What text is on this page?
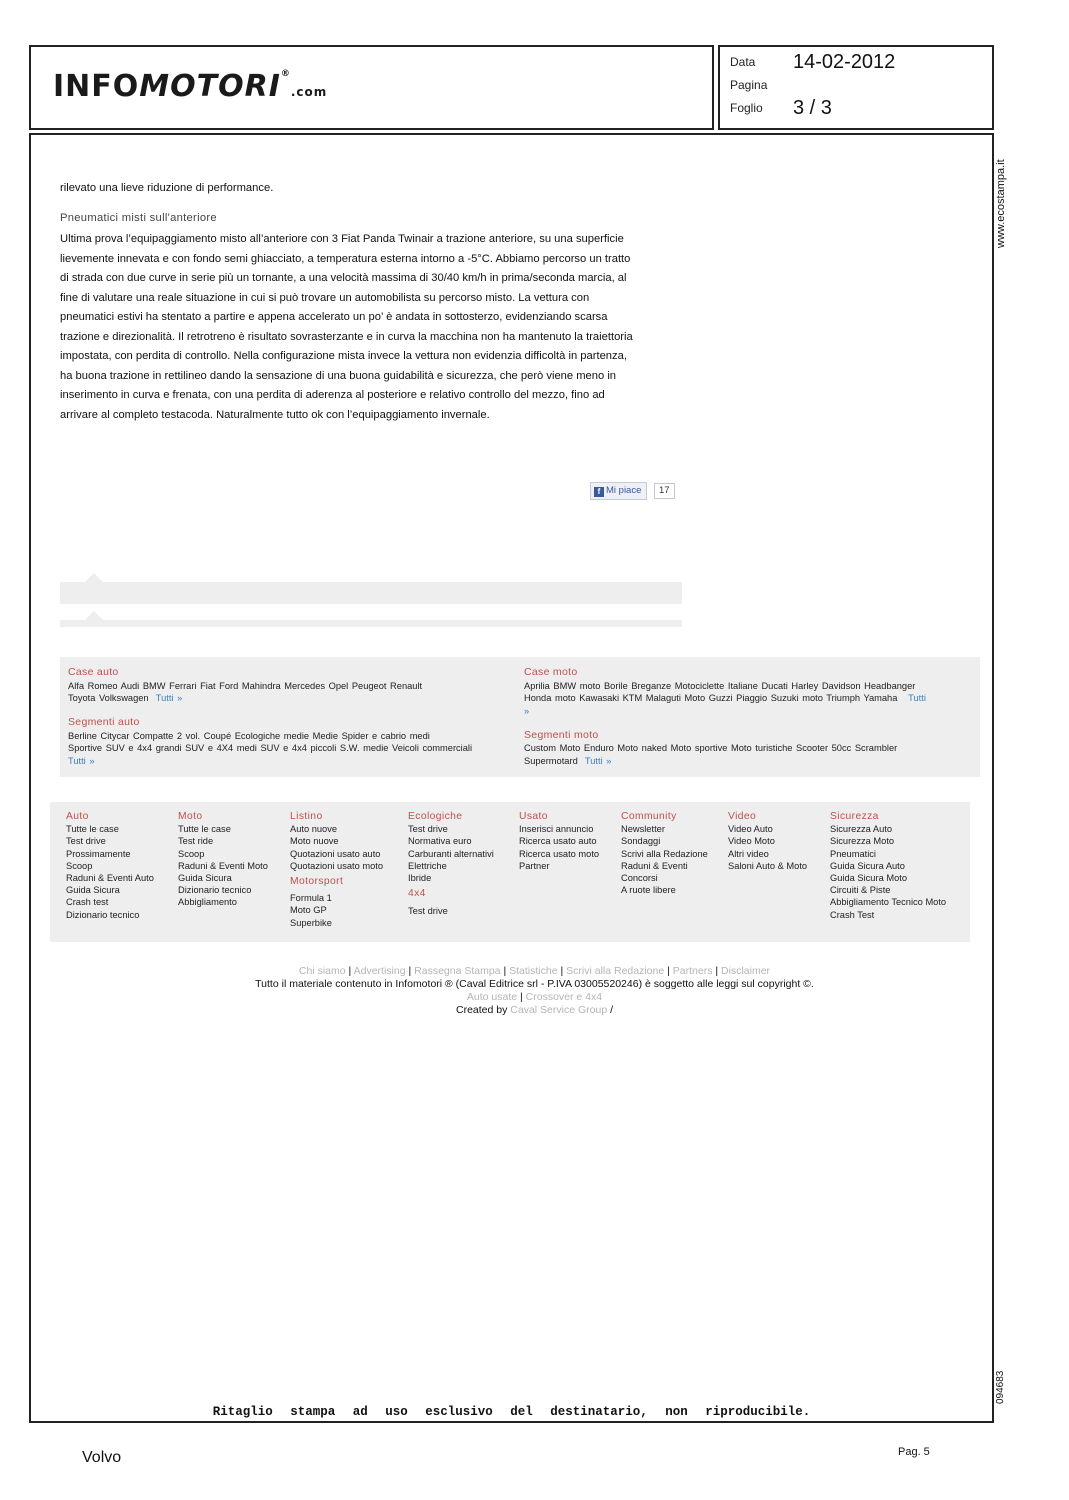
INFOMOTORI®.com
Data 14-02-2012
Pagina
Foglio 3 / 3
www.ecostampa.it
094683
rilevato una lieve riduzione di performance.
Pneumatici misti sull'anteriore
Ultima prova l’equipaggiamento misto all’anteriore con 3 Fiat Panda Twinair a trazione anteriore, su una superficie
lievemente innevata e con fondo semi ghiacciato, a temperatura esterna intorno a -5°C. Abbiamo percorso un tratto
di strada con due curve in serie più un tornante, a una velocità massima di 30/40 km/h in prima/seconda marcia, al
fine di valutare una reale situazione in cui si può trovare un automobilista su percorso misto. La vettura con
pneumatici estivi ha stentato a partire e appena accelerato un po’ è andata in sottosterzo, evidenziando scarsa
trazione e direzionalità. Il retrotreno è risultato sovrasterzante e in curva la macchina non ha mantenuto la traiettoria
impostata, con perdita di controllo. Nella configurazione mista invece la vettura non evidenzia difficoltà in partenza,
ha buona trazione in rettilineo dando la sensazione di una buona guidabilità e sicurezza, che però viene meno in
inserimento in curva e frenata, con una perdita di aderenza al posteriore e relativo controllo del mezzo, fino ad
arrivare al completo testacoda. Naturalmente tutto ok con l’equipaggiamento invernale.
f Mi piace	17
Case auto
Alfa Romeo Audi BMW Ferrari Fiat Ford Mahindra Mercedes Opel Peugeot Renault
Toyota Volkswagen Tutti »
Segmenti auto
Berline Citycar Compatte 2 vol. Coupé Ecologiche medie Medie Spider e cabrio medi
Sportive SUV e 4x4 grandi SUV e 4X4 medi SUV e 4x4 piccoli S.W. medie Veicoli commerciali
Tutti »
Case moto
Aprilia BMW moto Borile Breganze Motociclette Italiane Ducati Harley Davidson Headbanger
Honda moto Kawasaki KTM Malaguti Moto Guzzi Piaggio Suzuki moto Triumph Yamaha Tutti
»
Segmenti moto
Custom Moto Enduro Moto naked Moto sportive Moto turistiche Scooter 50cc Scrambler
Supermotard Tutti »
Auto
Tutte le case
Test drive
Prossimamente
Scoop
Raduni & Eventi Auto
Guida Sicura
Crash test
Dizionario tecnico
Moto
Tutte le case
Test ride
Scoop
Raduni & Eventi Moto
Guida Sicura
Dizionario tecnico
Abbigliamento
Listino
Auto nuove
Moto nuove
Quotazioni usato auto
Quotazioni usato moto
Motorsport
Formula 1
Moto GP
Superbike
Ecologiche
Test drive
Normativa euro
Carburanti alternativi
Elettriche
Ibride
4x4
Test drive
Usato
Inserisci annuncio
Ricerca usato auto
Ricerca usato moto
Partner
Community
Newsletter
Sondaggi
Scrivi alla Redazione
Raduni & Eventi
Concorsi
A ruote libere
Video
Video Auto
Video Moto
Altri video
Saloni Auto & Moto
Sicurezza
Sicurezza Auto
Sicurezza Moto
Pneumatici
Guida Sicura Auto
Guida Sicura Moto
Circuiti & Piste
Abbigliamento Tecnico Moto
Crash Test
Chi siamo | Advertising | Rassegna Stampa | Statistiche | Scrivi alla Redazione | Partners | Disclaimer
Tutto il materiale contenuto in Infomotori ® (Caval Editrice srl - P.IVA 03005520246) è soggetto alle leggi sul copyright ©.
Auto usate | Crossover e 4x4
Created by Caval Service Group /
Ritaglio stampa ad uso esclusivo del destinatario, non riproducibile.
Volvo	Pag. 5
